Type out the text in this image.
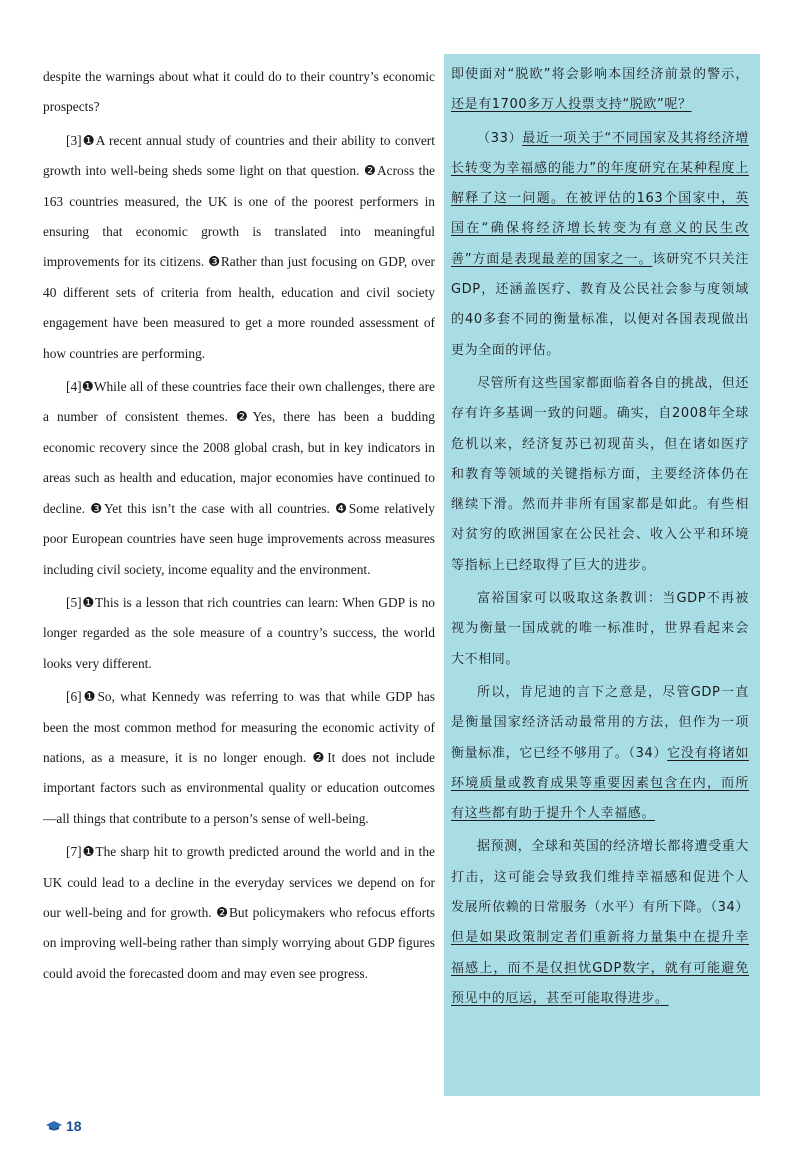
despite the warnings about what it could do to their country’s economic prospects?

[3]❶A recent annual study of countries and their ability to convert growth into well-being sheds some light on that question. ❷Across the 163 countries measured, the UK is one of the poorest performers in ensuring that economic growth is translated into meaningful improvements for its citizens. ❸Rather than just focusing on GDP, over 40 different sets of criteria from health, education and civil society engagement have been measured to get a more rounded assessment of how countries are performing.

[4]❶While all of these countries face their own challenges, there are a number of consistent themes. ❷Yes, there has been a budding economic recovery since the 2008 global crash, but in key indicators in areas such as health and education, major economies have continued to decline. ❸Yet this isn’t the case with all countries. ❹Some relatively poor European countries have seen huge improvements across measures including civil society, income equality and the environment.

[5]❶This is a lesson that rich countries can learn: When GDP is no longer regarded as the sole measure of a country’s success, the world looks very different.

[6]❶So, what Kennedy was referring to was that while GDP has been the most common method for measuring the economic activity of nations, as a measure, it is no longer enough. ❷It does not include important factors such as environmental quality or education outcomes—all things that contribute to a person’s sense of well-being.

[7]❶The sharp hit to growth predicted around the world and in the UK could lead to a decline in the everyday services we depend on for our well-being and for growth. ❷But policymakers who refocus efforts on improving well-being rather than simply worrying about GDP figures could avoid the forecasted doom and may even see progress.

即使面对“脱欧”将会影响本国经济前景的警示，还是有1700多万人投票支持“脱欧”呢？

（33）最近一项关于“不同国家及其将经济增长转变为幸福感的能力”的年度研究在某种程度上解释了这一问题。在被评估的163个国家中，英国在“确保将经济增长转变为有意义的民生改善”方面是表现最差的国家之一。该研究不只关注GDP，还涵盖医疗、教育及公民社会参与度领域的40多套不同的衡量标准，以便对各国表现做出更为全面的评估。

尽管所有这些国家都面临着各自的挑战，但还存有许多基调一致的问题。确实，自2008年全球危机以来，经济复苏已初现苗头，但在诸如医疗和教育等领域的关键指标方面，主要经济体仍在继续下滑。然而并非所有国家都是如此。有些相对贫穷的欧洲国家在公民社会、收入公平和环境等指标上已经取得了巨大的进步。

富裕国家可以吸取这条教训：当GDP不再被视为衡量一国成就的唯一标准时，世界看起来会大不相同。

所以，肯尼迪的言下之意是，尽管GDP一直是衡量国家经济活动最常用的方法，但作为一项衡量标准，它已经不够用了。（34）它没有将诸如环境质量或教育成果等重要因素包含在内，而所有这些都有助于提升个人幸福感。

据预测，全球和英国的经济增长都将遭受重大打击，这可能会导致我们维持幸福感和促进个人发展所依赖的日常服务（水平）有所下降。（34）但是如果政策制定者们重新将力量集中在提升幸福感上，而不是仅担忧GDP数字，就有可能避免预见中的厄运，甚至可能取得进步。

18
